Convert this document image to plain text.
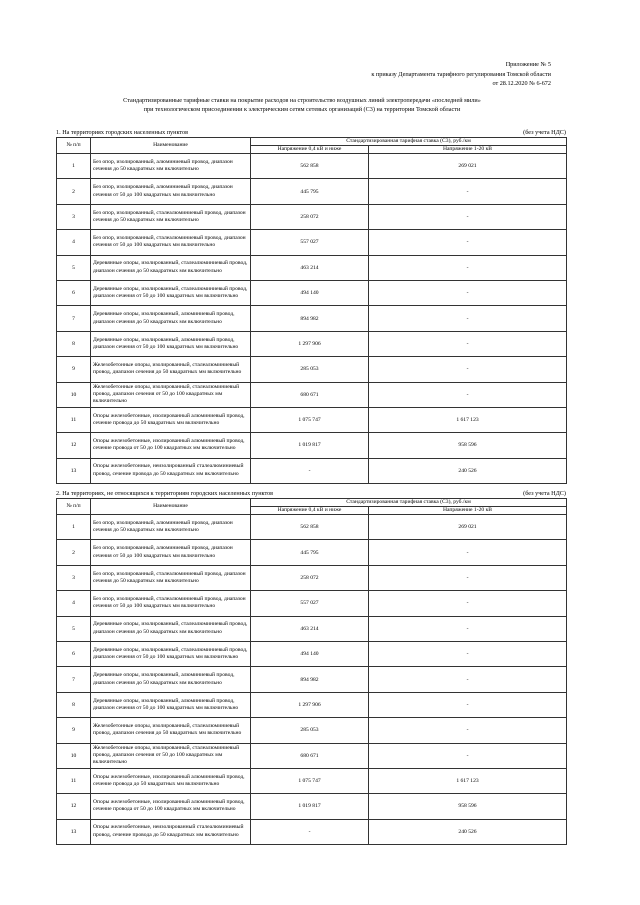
Приложение № 5
к приказу Департамента тарифного регулирования Томской области
от 28.12.2020 № 6-672
Стандартизированные тарифные ставки на покрытие расходов на строительство воздушных линий электропередачи «последней мили»
при технологическом присоединении к электрическим сетям сетевых организаций (С3) на территории Томской области
1. На территориях городских населенных пунктов	(без учета НДС)
№ п/п	Наименование	Стандартизированная тарифная ставка (С3), руб./км	
		Напряжение 0,4 кВ и ниже	Напряжение 1-20 кВ
1	Без опор, изолированный, алюминиевый провод, диапазон сечения до 50 квадратных мм включительно	562 858	269 021
2	Без опор, изолированный, алюминиевый провод, диапазон сечения от 50 до 100 квадратных мм включительно	445 795	-
3	Без опор, изолированный, сталеалюминиевый провод, диапазон сечения до 50 квадратных мм включительно	258 072	-
4	Без опор, изолированный, сталеалюминиевый провод, диапазон сечения от 50 до 100 квадратных мм включительно	557 027	-
5	Деревянные опоры, изолированный, сталеалюминиевый провод, диапазон сечения до 50 квадратных мм включительно	463 214	-
6	Деревянные опоры, изолированный, сталеалюминиевый провод, диапазон сечения от 50 до 100 квадратных мм включительно	494 140	-
7	Деревянные опоры, изолированный, алюминиевый провод, диапазон сечения до 50 квадратных мм включительно	894 982	-
8	Деревянные опоры, изолированный, алюминиевый провод, диапазон сечения от 50 до 100 квадратных мм включительно	1 297 906	-
9	Железобетонные опоры, изолированный, сталеалюминиевый провод, диапазон сечения до 50 квадратных мм включительно	285 053	-
10	Железобетонные опоры, изолированный, сталеалюминиевый провод, диапазон сечения от 50 до 100 квадратных мм включительно	680 671	-
11	Опоры железобетонные, изолированный алюминиевый провод, сечение провода до 50 квадратных мм включительно	1 075 747	1 617 123
12	Опоры железобетонные, изолированный алюминиевый провод, сечение провода от 50 до 100 квадратных мм включительно	1 019 817	958 596
13	Опоры железобетонные, неизолированный сталеалюминиевый провод, сечение провода до 50 квадратных мм включительно	-	240 526
2. На территориях, не относящихся к территориям городских населенных пунктов	(без учета НДС)
№ п/п	Наименование	Стандартизированная тарифная ставка (С3), руб./км	
		Напряжение 0,4 кВ и ниже	Напряжение 1-20 кВ
1	Без опор, изолированный, алюминиевый провод, диапазон сечения до 50 квадратных мм включительно	562 858	269 021
2	Без опор, изолированный, алюминиевый провод, диапазон сечения от 50 до 100 квадратных мм включительно	445 795	-
3	Без опор, изолированный, сталеалюминиевый провод, диапазон сечения до 50 квадратных мм включительно	258 072	-
4	Без опор, изолированный, сталеалюминиевый провод, диапазон сечения от 50 до 100 квадратных мм включительно	557 027	-
5	Деревянные опоры, изолированный, сталеалюминиевый провод, диапазон сечения до 50 квадратных мм включительно	463 214	-
6	Деревянные опоры, изолированный, сталеалюминиевый провод, диапазон сечения от 50 до 100 квадратных мм включительно	494 140	-
7	Деревянные опоры, изолированный, алюминиевый провод, диапазон сечения до 50 квадратных мм включительно	894 982	-
8	Деревянные опоры, изолированный, алюминиевый провод, диапазон сечения от 50 до 100 квадратных мм включительно	1 297 906	-
9	Железобетонные опоры, изолированный, сталеалюминиевый провод, диапазон сечения до 50 квадратных мм включительно	285 053	-
10	Железобетонные опоры, изолированный, сталеалюминиевый провод, диапазон сечения от 50 до 100 квадратных мм включительно	680 671	-
11	Опоры железобетонные, изолированный алюминиевый провод, сечение провода до 50 квадратных мм включительно	1 075 747	1 617 123
12	Опоры железобетонные, изолированный алюминиевый провод, сечение провода от 50 до 100 квадратных мм включительно	1 019 817	958 596
13	Опоры железобетонные, неизолированный сталеалюминиевый провод, сечение провода до 50 квадратных мм включительно	-	240 526
